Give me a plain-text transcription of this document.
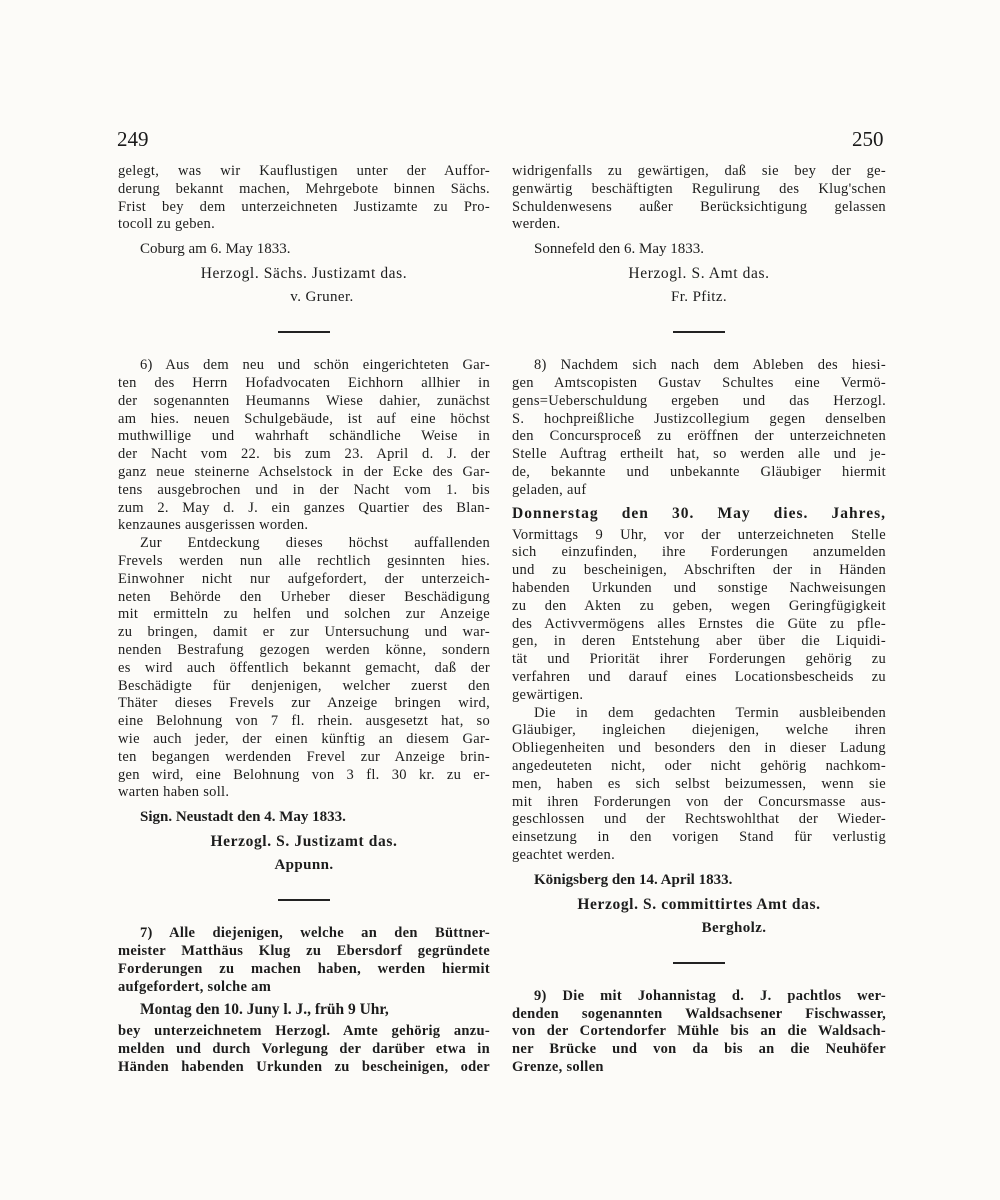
249	250
gelegt, was wir Kauflustigen unter der Auffor-
derung bekannt machen, Mehrgebote binnen Sächs.
Frist bey dem unterzeichneten Justizamte zu Pro-
tocoll zu geben.
Coburg am 6. May 1833.
Herzogl. Sächs. Justizamt das.
v. Gruner.
6) Aus dem neu und schön eingerichteten Gar-
ten des Herrn Hofadvocaten Eichhorn allhier in
der sogenannten Heumanns Wiese dahier, zunächst
am hies. neuen Schulgebäude, ist auf eine höchst
muthwillige und wahrhaft schändliche Weise in
der Nacht vom 22. bis zum 23. April d. J. der
ganz neue steinerne Achselstock in der Ecke des Gar-
tens ausgebrochen und in der Nacht vom 1. bis
zum 2. May d. J. ein ganzes Quartier des Blan-
kenzaunes ausgerissen worden.
Zur Entdeckung dieses höchst auffallenden
Frevels werden nun alle rechtlich gesinnten hies.
Einwohner nicht nur aufgefordert, der unterzeich-
neten Behörde den Urheber dieser Beschädigung
mit ermitteln zu helfen und solchen zur Anzeige
zu bringen, damit er zur Untersuchung und war-
nenden Bestrafung gezogen werden könne, sondern
es wird auch öffentlich bekannt gemacht, daß der
Beschädigte für denjenigen, welcher zuerst den
Thäter dieses Frevels zur Anzeige bringen wird,
eine Belohnung von 7 fl. rhein. ausgesetzt hat, so
wie auch jeder, der einen künftig an diesem Gar-
ten begangen werdenden Frevel zur Anzeige brin-
gen wird, eine Belohnung von 3 fl. 30 kr. zu er-
warten haben soll.
Sign. Neustadt den 4. May 1833.
Herzogl. S. Justizamt das.
Appunn.
7) Alle diejenigen, welche an den Büttner-
meister Matthäus Klug zu Ebersdorf gegründete
Forderungen zu machen haben, werden hiermit
aufgefordert, solche am
Montag den 10. Juny l. J., früh 9 Uhr,
bey unterzeichnetem Herzogl. Amte gehörig anzu-
melden und durch Vorlegung der darüber etwa in
Händen habenden Urkunden zu bescheinigen, oder
widrigenfalls zu gewärtigen, daß sie bey der ge-
genwärtig beschäftigten Regulirung des Klug'schen
Schuldenwesens außer Berücksichtigung gelassen
werden.
Sonnefeld den 6. May 1833.
Herzogl. S. Amt das.
Fr. Pfitz.
8) Nachdem sich nach dem Ableben des hiesi-
gen Amtscopisten Gustav Schultes eine Vermö-
gens=Ueberschuldung ergeben und das Herzogl.
S. hochpreißliche Justizcollegium gegen denselben
den Concursproceß zu eröffnen der unterzeichneten
Stelle Auftrag ertheilt hat, so werden alle und je-
de, bekannte und unbekannte Gläubiger hiermit
geladen, auf
Donnerstag den 30. May dies. Jahres,
Vormittags 9 Uhr, vor der unterzeichneten Stelle
sich einzufinden, ihre Forderungen anzumelden
und zu bescheinigen, Abschriften der in Händen
habenden Urkunden und sonstige Nachweisungen
zu den Akten zu geben, wegen Geringfügigkeit
des Activvermögens alles Ernstes die Güte zu pfle-
gen, in deren Entstehung aber über die Liquidi-
tät und Priorität ihrer Forderungen gehörig zu
verfahren und darauf eines Locationsbescheids zu
gewärtigen.
Die in dem gedachten Termin ausbleibenden
Gläubiger, ingleichen diejenigen, welche ihren
Obliegenheiten und besonders den in dieser Ladung
angedeuteten nicht, oder nicht gehörig nachkom-
men, haben es sich selbst beizumessen, wenn sie
mit ihren Forderungen von der Concursmasse aus-
geschlossen und der Rechtswohlthat der Wieder-
einsetzung in den vorigen Stand für verlustig
geachtet werden.
Königsberg den 14. April 1833.
Herzogl. S. committirtes Amt das.
Bergholz.
9) Die mit Johannistag d. J. pachtlos wer-
denden sogenannten Waldsachsener Fischwasser,
von der Cortendorfer Mühle bis an die Waldsach-
ner Brücke und von da bis an die Neuhöfer
Grenze, sollen
